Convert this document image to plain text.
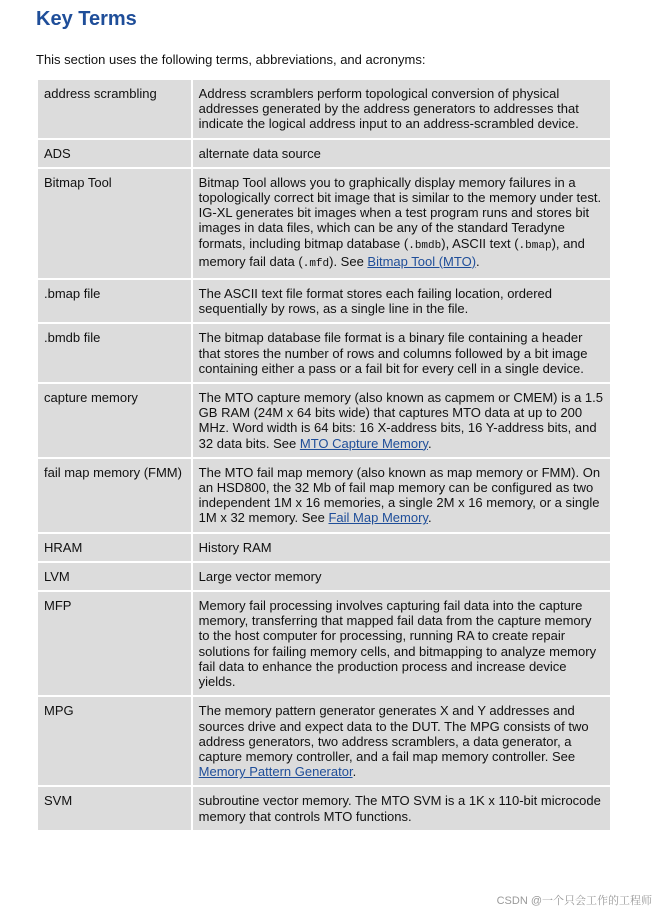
Key Terms

This section uses the following terms, abbreviations, and acronyms:

address scrambling	Address scramblers perform topological conversion of physical addresses generated by the address generators to addresses that indicate the logical address input to an address-scrambled device.
ADS	alternate data source
Bitmap Tool	Bitmap Tool allows you to graphically display memory failures in a topologically correct bit image that is similar to the memory under test. IG-XL generates bit images when a test program runs and stores bit images in data files, which can be any of the standard Teradyne formats, including bitmap database (.bmdb), ASCII text (.bmap), and memory fail data (.mfd). See Bitmap Tool (MTO).
.bmap file	The ASCII text file format stores each failing location, ordered sequentially by rows, as a single line in the file.
.bmdb file	The bitmap database file format is a binary file containing a header that stores the number of rows and columns followed by a bit image containing either a pass or a fail bit for every cell in a single device.
capture memory	The MTO capture memory (also known as capmem or CMEM) is a 1.5 GB RAM (24M x 64 bits wide) that captures MTO data at up to 200 MHz. Word width is 64 bits: 16 X-address bits, 16 Y-address bits, and 32 data bits. See MTO Capture Memory.
fail map memory (FMM)	The MTO fail map memory (also known as map memory or FMM). On an HSD800, the 32 Mb of fail map memory can be configured as two independent 1M x 16 memories, a single 2M x 16 memory, or a single 1M x 32 memory. See Fail Map Memory.
HRAM	History RAM
LVM	Large vector memory
MFP	Memory fail processing involves capturing fail data into the capture memory, transferring that mapped fail data from the capture memory to the host computer for processing, running RA to create repair solutions for failing memory cells, and bitmapping to analyze memory fail data to enhance the production process and increase device yields.
MPG	The memory pattern generator generates X and Y addresses and sources drive and expect data to the DUT. The MPG consists of two address generators, two address scramblers, a data generator, a capture memory controller, and a fail map memory controller. See Memory Pattern Generator.
SVM	subroutine vector memory. The MTO SVM is a 1K x 110-bit microcode memory that controls MTO functions.
CSDN @一个只会工作的工程师
